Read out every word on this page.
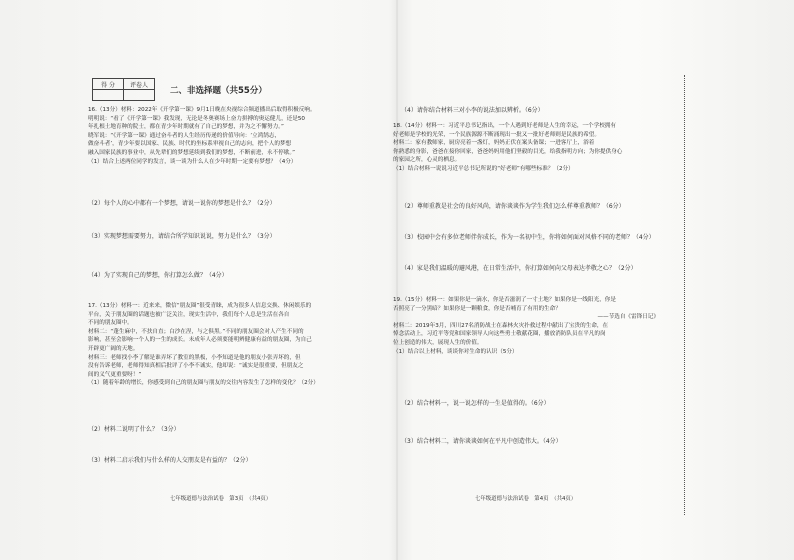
得 分	评卷人

二、非选择题（共55分）

16.（13分）材料：2022年《开学第一课》9月1日晚在央视综合频道播出后取得积极反响。

明明说：“看了《开学第一课》我发现，无论是冬奥赛场上奋力拼搏的奥运健儿，还是50

年扎根土地育种的院士，都在青少年时期就有了自己的梦想，并为之不懈努力。”

晓军说：“《开学第一课》通过奋斗者的人生经历传递的价值导向：‘立鸿鹄志，

做奋斗者’，青少年要以国家、民族、时代的坐标系审视自己的志向，把个人的梦想

融入国家民族的事业中，从先辈们的梦想延续到我们的梦想，不断前进，永不停歇。”

（1）结合上述两位同学的发言，谈一谈为什么人在少年时期一定要有梦想？（4分）

（2）每个人的心中都有一个梦想，请说一说你的梦想是什么？（2分）
（3）实现梦想需要努力，请结合所学知识说说，努力是什么？（3分）
（4）为了实现自己的梦想，你打算怎么做？（4分）

17.（13分）材料一：近来来，微信“朋友圈”很受青睐，成为很多人信息交换、休闲娱乐的

平台，关于朋友圈的话题也被广泛关注，现实生活中，我们每个人总是生活在各自

不同的朋友圈中。

材料二：“蓬生麻中，不扶自直；白沙在涅，与之俱黑。”不同的朋友圈会对人产生不同的

影响，甚至会影响一个人的一生的成长。未成年人必须要能明辨健康有益的朋友圈，为自己

开辟更广阔的天地。

材料三：老师找小李了解是谁弄坏了教室的黑板，小李知道是他的朋友小张弄坏的，但

没有告诉老师，老师得知真相后批评了小李不诚实，他却说：“诚实是很重要，但朋友之

间的义气更重要呀！”

（1）随着年龄的增长，你感受到自己的朋友圈与朋友的交往内容发生了怎样的变化？（2分）

（2）材料二说明了什么？（3分）
（3）材料二启示我们与什么样的人交朋友是有益的？（2分）
七年级道德与法治试卷　第3页　（共4页）
（4）请你结合材料三对小李的说法加以辨析。（6分）

18.（14分）材料一：习近平总书记指出，一个人遇到好老师是人生的幸运，一个学校拥有

好老师是学校的光荣，一个民族源源不断涌现出一批又一批好老师则是民族的希望。

材料二：家有教师家，厨房亮着一盏灯，妈妈正伏在案头备课；一进客厅上，浴着

你熟悉的身影，爸爸在接你回家，爸爸妈妈用他们坚毅的目光，给我指明方向；为你提供身心

的家园之所，心灵的栖息。

（1）结合材料一说说习近平总书记所说的“好老师”有哪些标准？（2分）

（2）尊师重教是社会的良好风尚，请你谈谈作为学生我们怎么样尊重教师？（6分）
（3）校园中会有多位老师伴你成长，作为一名初中生，你将如何面对风格不同的老师？（4分）
（4）家是我们温暖的避风港，在日常生活中，你打算如何向父母表达孝敬之心？（2分）

19.（15分）材料一：如果你是一滴水，你是否滋润了一寸土地？如果你是一线阳光，你是

否照亮了一分黑暗？如果你是一颗粮食，你是否哺育了有用的生命？

——节选自《雷锋日记》

材料二：2019年3月，四川27名消防战士在森林火灾扑救过程中献出了宝贵的生命，在

悼念活动上，习近平等党和国家领导人向这些勇士敬献花圈，播放消防队员在平凡的岗

位上创造的伟大，展现人生的价值。

（1）结合以上材料，谈谈你对生命的认识（5分）

（2）结合材料一，说一说怎样的一生是值得的。（6分）
（3）结合材料二，请你谈谈如何在平凡中创造伟大。（4分）
七年级道德与法治试卷　第4页　（共4页）
